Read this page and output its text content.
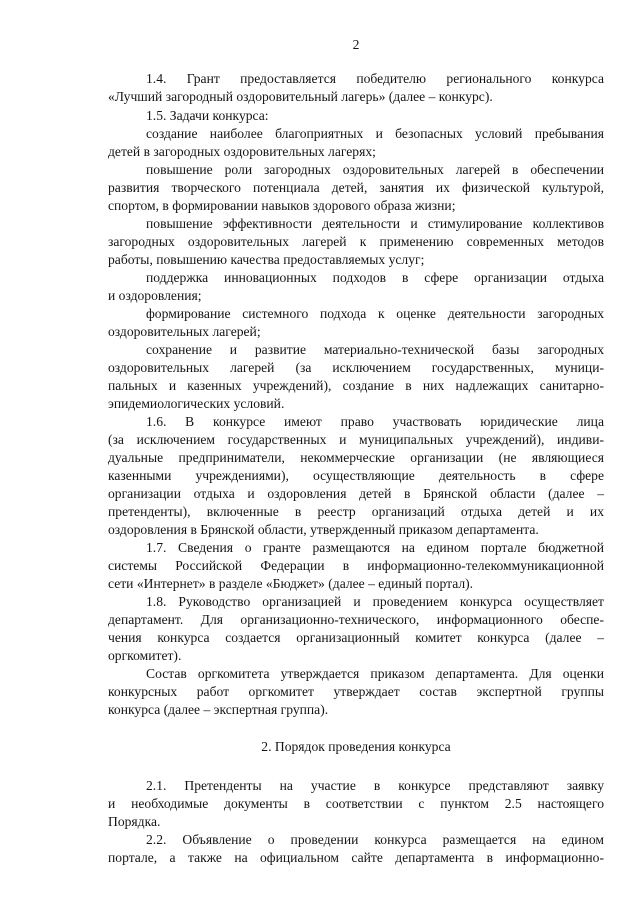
2
1.4. Грант предоставляется победителю регионального конкурса
«Лучший загородный оздоровительный лагерь» (далее – конкурс).
1.5. Задачи конкурса:
создание наиболее благоприятных и безопасных условий пребывания
детей в загородных оздоровительных лагерях;
повышение роли загородных оздоровительных лагерей в обеспечении
развития творческого потенциала детей, занятия их физической культурой,
спортом, в формировании навыков здорового образа жизни;
повышение эффективности деятельности и стимулирование коллективов
загородных оздоровительных лагерей к применению современных методов
работы, повышению качества предоставляемых услуг;
поддержка инновационных подходов в сфере организации отдыха
и оздоровления;
формирование системного подхода к оценке деятельности загородных
оздоровительных лагерей;
сохранение и развитие материально-технической базы загородных
оздоровительных лагерей (за исключением государственных, муници-
пальных и казенных учреждений), создание в них надлежащих санитарно-
эпидемиологических условий.
1.6. В конкурсе имеют право участвовать юридические лица
(за исключением государственных и муниципальных учреждений), индиви-
дуальные предприниматели, некоммерческие организации (не являющиеся
казенными учреждениями), осуществляющие деятельность в сфере
организации отдыха и оздоровления детей в Брянской области (далее –
претенденты), включенные в реестр организаций отдыха детей и их
оздоровления в Брянской области, утвержденный приказом департамента.
1.7. Сведения о гранте размещаются на едином портале бюджетной
системы Российской Федерации в информационно-телекоммуникационной
сети «Интернет» в разделе «Бюджет» (далее – единый портал).
1.8. Руководство организацией и проведением конкурса осуществляет
департамент. Для организационно-технического, информационного обеспе-
чения конкурса создается организационный комитет конкурса (далее –
оргкомитет).
Состав оргкомитета утверждается приказом департамента. Для оценки
конкурсных работ оргкомитет утверждает состав экспертной группы
конкурса (далее – экспертная группа).
2. Порядок проведения конкурса
2.1. Претенденты на участие в конкурсе представляют заявку
и необходимые документы в соответствии с пунктом 2.5 настоящего
Порядка.
2.2. Объявление о проведении конкурса размещается на едином
портале, а также на официальном сайте департамента в информационно-
